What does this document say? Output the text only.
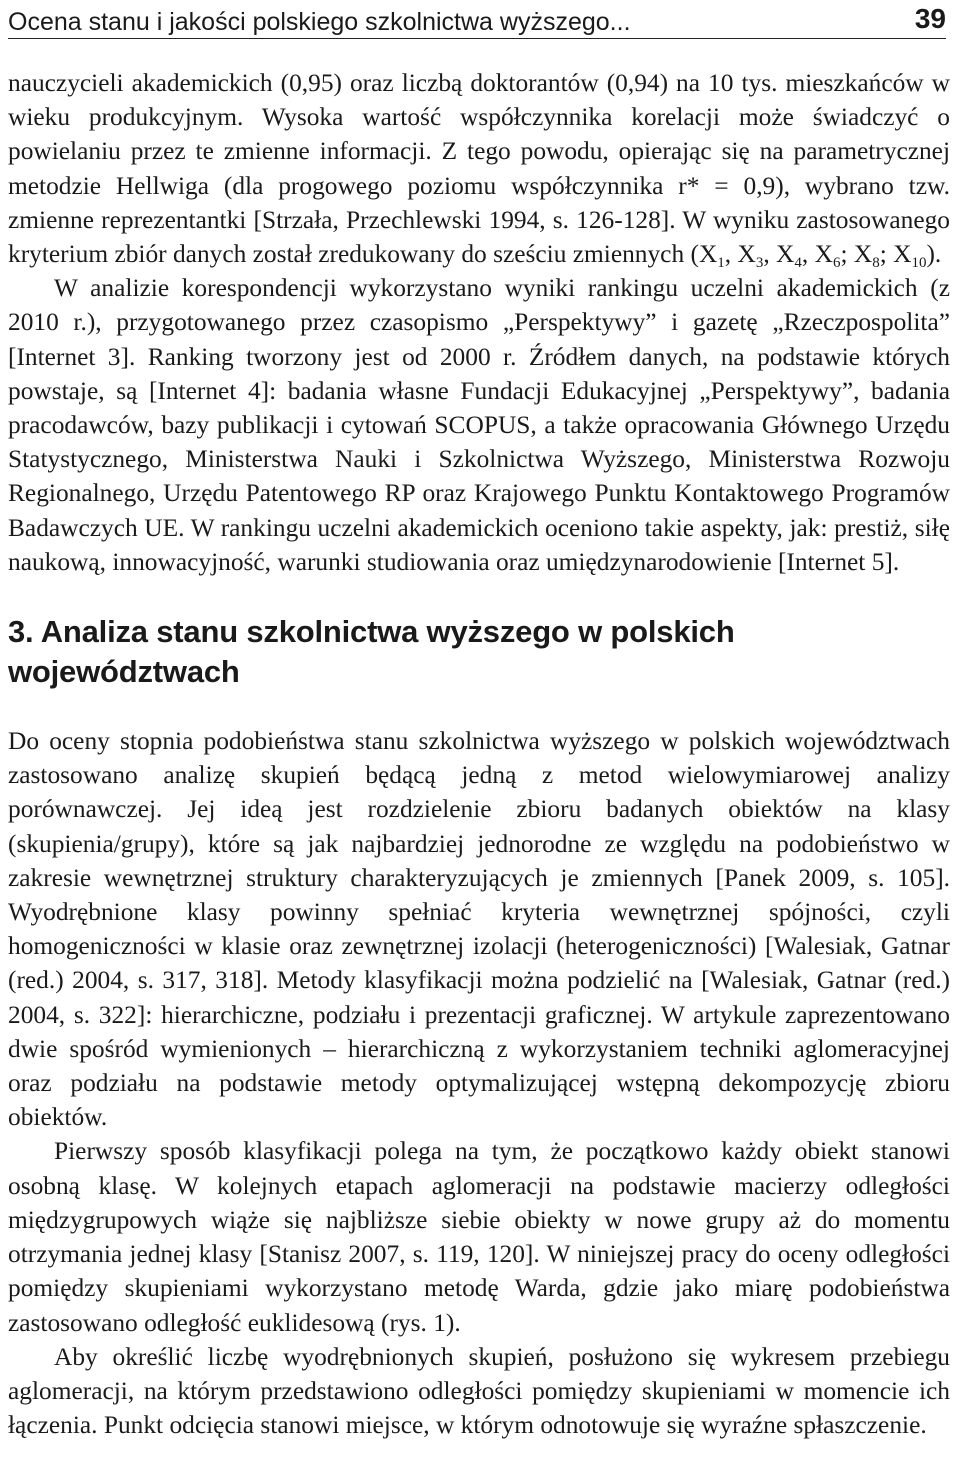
Ocena stanu i jakości polskiego szkolnictwa wyższego...	39

nauczycieli akademickich (0,95) oraz liczbą doktorantów (0,94) na 10 tys. mieszkańców w wieku produkcyjnym. Wysoka wartość współczynnika korelacji może świadczyć o powielaniu przez te zmienne informacji. Z tego powodu, opierając się na parametrycznej metodzie Hellwiga (dla progowego poziomu współczynnika r* = 0,9), wybrano tzw. zmienne reprezentantki [Strzała, Przechlewski 1994, s. 126-128]. W wyniku zastosowanego kryterium zbiór danych został zredukowany do sześciu zmiennych ($X_1$, $X_3$, $X_4$, $X_6$; $X_8$; $X_{10}$).

W analizie korespondencji wykorzystano wyniki rankingu uczelni akademickich (z 2010 r.), przygotowanego przez czasopismo „Perspektywy” i gazetę „Rzeczpospolita” [Internet 3]. Ranking tworzony jest od 2000 r. Źródłem danych, na podstawie których powstaje, są [Internet 4]: badania własne Fundacji Edukacyjnej „Perspektywy”, badania pracodawców, bazy publikacji i cytowań SCOPUS, a także opracowania Głównego Urzędu Statystycznego, Ministerstwa Nauki i Szkolnictwa Wyższego, Ministerstwa Rozwoju Regionalnego, Urzędu Patentowego RP oraz Krajowego Punktu Kontaktowego Programów Badawczych UE. W rankingu uczelni akademickich oceniono takie aspekty, jak: prestiż, siłę naukową, innowacyjność, warunki studiowania oraz umiędzynarodowienie [Internet 5].

3. Analiza stanu szkolnictwa wyższego w polskich województwach

Do oceny stopnia podobieństwa stanu szkolnictwa wyższego w polskich województwach zastosowano analizę skupień będącą jedną z metod wielowymiarowej analizy porównawczej. Jej ideą jest rozdzielenie zbioru badanych obiektów na klasy (skupienia/grupy), które są jak najbardziej jednorodne ze względu na podobieństwo w zakresie wewnętrznej struktury charakteryzujących je zmiennych [Panek 2009, s. 105]. Wyodrębnione klasy powinny spełniać kryteria wewnętrznej spójności, czyli homogeniczności w klasie oraz zewnętrznej izolacji (heterogeniczności) [Walesiak, Gatnar (red.) 2004, s. 317, 318]. Metody klasyfikacji można podzielić na [Walesiak, Gatnar (red.) 2004, s. 322]: hierarchiczne, podziału i prezentacji graficznej. W artykule zaprezentowano dwie spośród wymienionych – hierarchiczną z wykorzystaniem techniki aglomeracyjnej oraz podziału na podstawie metody optymalizującej wstępną dekompozycję zbioru obiektów.

Pierwszy sposób klasyfikacji polega na tym, że początkowo każdy obiekt stanowi osobną klasę. W kolejnych etapach aglomeracji na podstawie macierzy odległości międzygrupowych wiąże się najbliższe siebie obiekty w nowe grupy aż do momentu otrzymania jednej klasy [Stanisz 2007, s. 119, 120]. W niniejszej pracy do oceny odległości pomiędzy skupieniami wykorzystano metodę Warda, gdzie jako miarę podobieństwa zastosowano odległość euklidesową (rys. 1).

Aby określić liczbę wyodrębnionych skupień, posłużono się wykresem przebiegu aglomeracji, na którym przedstawiono odległości pomiędzy skupieniami w momencie ich łączenia. Punkt odcięcia stanowi miejsce, w którym odnotowuje się wyraźne spłaszczenie.
